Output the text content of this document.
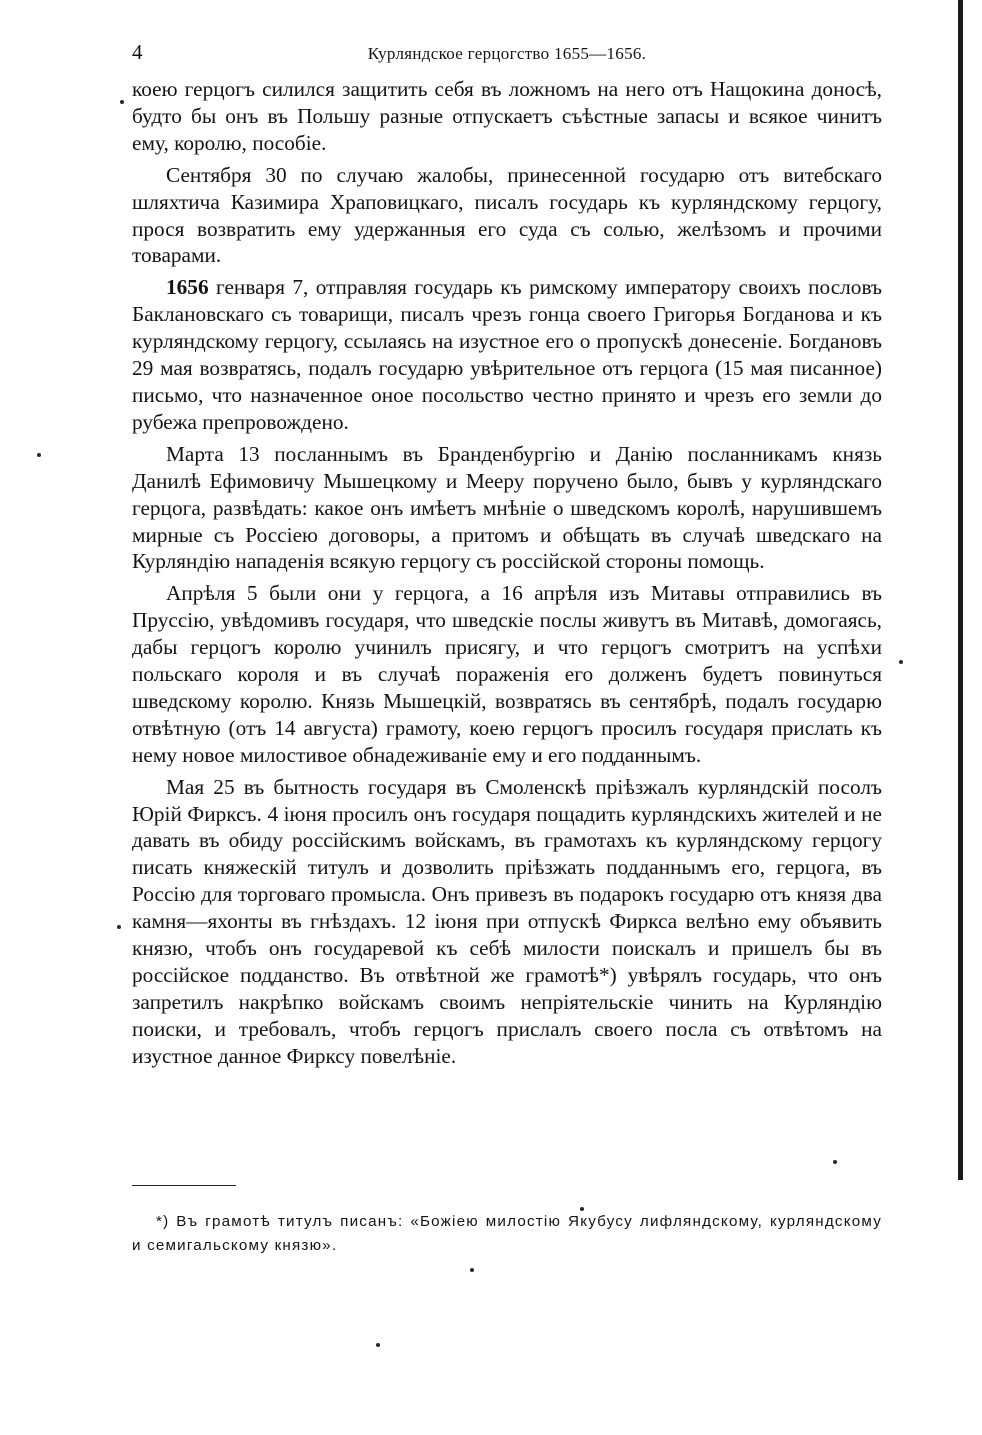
4	Курляндское герцогство 1655—1656.

коею герцогъ силился защитить себя въ ложномъ на него отъ Нащокина доносѣ, будто бы онъ въ Польшу разные отпускаетъ съѣстные запасы и всякое чинитъ ему, королю, пособіе.

Сентября 30 по случаю жалобы, принесенной государю отъ витебскаго шляхтича Казимира Храповицкаго, писалъ государь къ курляндскому герцогу, прося возвратить ему удержанныя его суда съ солью, желѣзомъ и прочими товарами.

1656 генваря 7, отправляя государь къ римскому императору своихъ пословъ Баклановскаго съ товарищи, писалъ чрезъ гонца своего Григорья Богданова и къ курляндскому герцогу, ссылаясь на изустное его о пропускѣ донесеніе. Богдановъ 29 мая возвратясь, подалъ государю увѣрительное отъ герцога (15 мая писанное) письмо, что назначенное оное посольство честно принято и чрезъ его земли до рубежа препровождено.

Марта 13 посланнымъ въ Бранденбургію и Данію посланникамъ князь Данилѣ Ефимовичу Мышецкому и Мееру поручено было, бывъ у курляндскаго герцога, развѣдать: какое онъ имѣетъ мнѣніе о шведскомъ королѣ, нарушившемъ мирные съ Россіею договоры, а притомъ и обѣщать въ случаѣ шведскаго на Курляндію нападенія всякую герцогу съ россійской стороны помощь.

Апрѣля 5 были они у герцога, а 16 апрѣля изъ Митавы отправились въ Пруссію, увѣдомивъ государя, что шведскіе послы живутъ въ Митавѣ, домогаясь, дабы герцогъ королю учинилъ присягу, и что герцогъ смотритъ на успѣхи польскаго короля и въ случаѣ пораженія его долженъ будетъ повинуться шведскому королю. Князь Мышецкій, возвратясь въ сентябрѣ, подалъ государю отвѣтную (отъ 14 августа) грамоту, коею герцогъ просилъ государя прислать къ нему новое милостивое обнадеживаніе ему и его подданнымъ.

Мая 25 въ бытность государя въ Смоленскѣ пріѣзжалъ курляндскій посолъ Юрій Фирксъ. 4 іюня просилъ онъ государя пощадить курляндскихъ жителей и не давать въ обиду россійскимъ войскамъ, въ грамотахъ къ курляндскому герцогу писать княжескій титулъ и дозволить пріѣзжать подданнымъ его, герцога, въ Россію для торговаго промысла. Онъ привезъ въ подарокъ государю отъ князя два камня—яхонты въ гнѣздахъ. 12 іюня при отпускѣ Фиркса велѣно ему объявить князю, чтобъ онъ государевой къ себѣ милости поискалъ и пришелъ бы въ россійское подданство. Въ отвѣтной же грамотѣ*) увѣрялъ государь, что онъ запретилъ накрѣпко войскамъ своимъ непріятельскіе чинить на Курляндію поиски, и требовалъ, чтобъ герцогъ прислалъ своего посла съ отвѣтомъ на изустное данное Фирксу повелѣніе.

*) Въ грамотѣ титулъ писанъ: «Божіею милостію Якубусу лифляндскому, курляндскому и семигальскому князю».
